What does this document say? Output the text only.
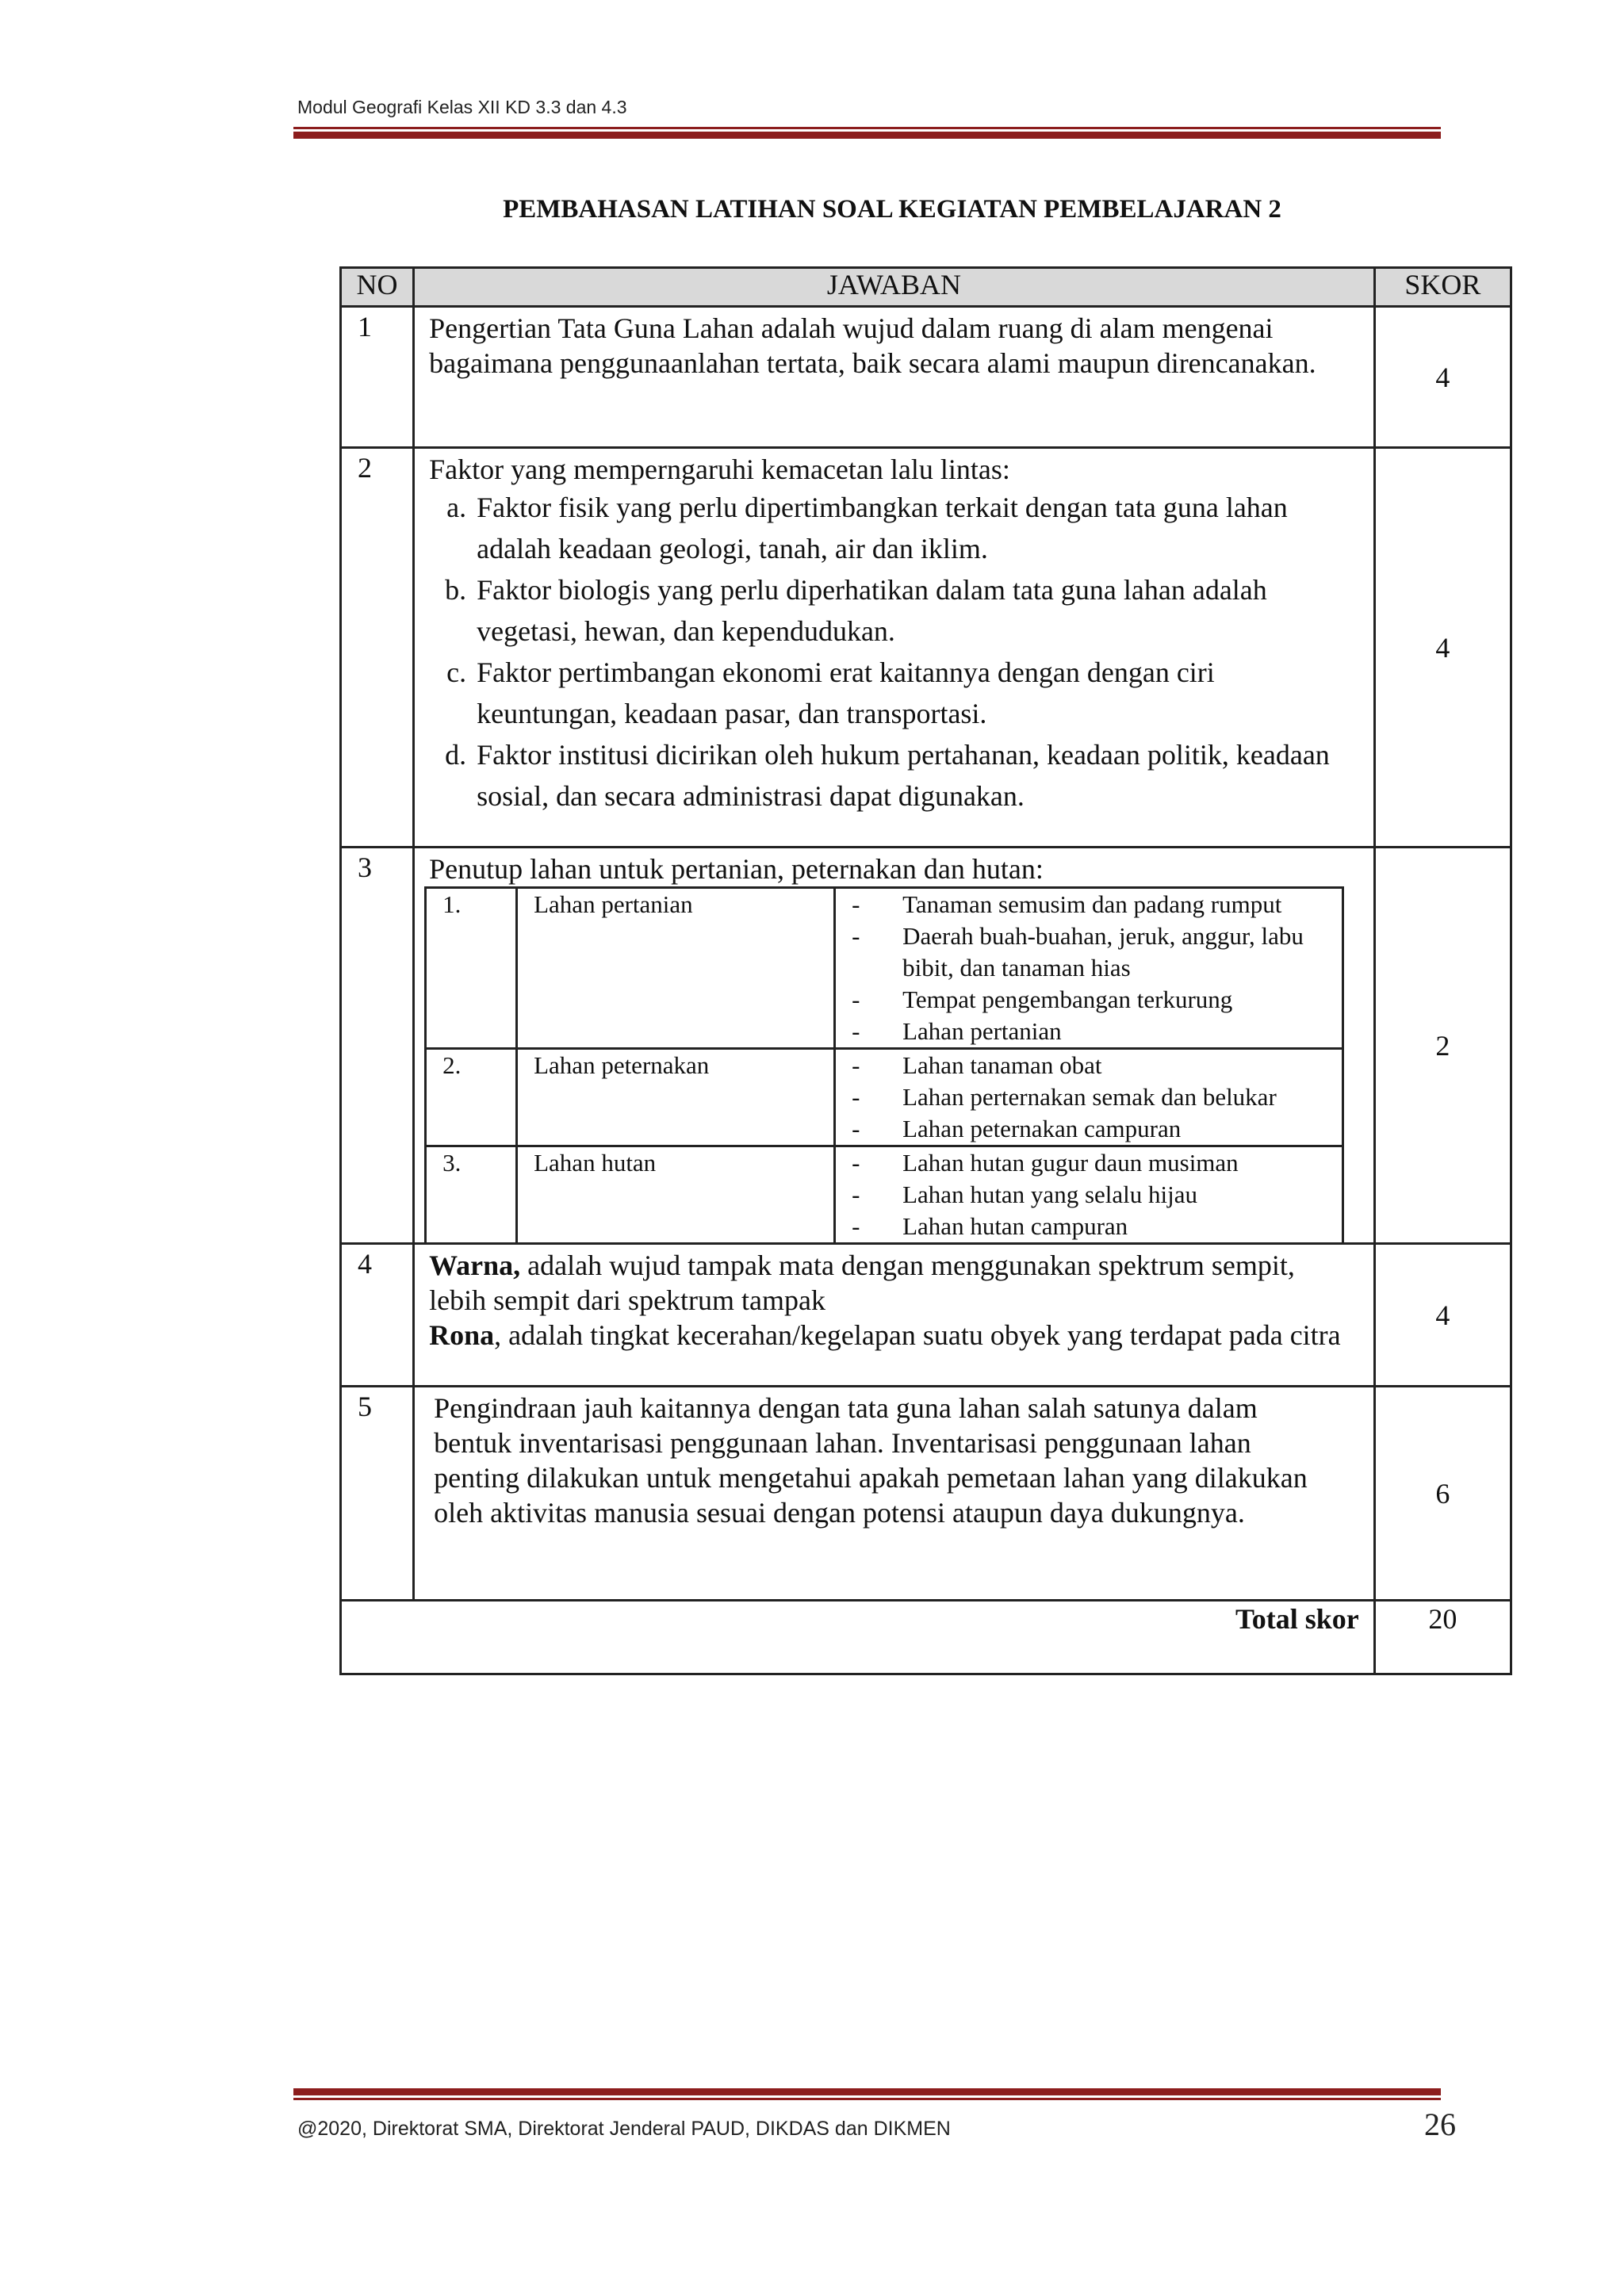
Modul Geografi Kelas XII KD 3.3 dan 4.3
PEMBAHASAN LATIHAN SOAL KEGIATAN PEMBELAJARAN 2
NO	JAWABAN	SKOR
1	Pengertian Tata Guna Lahan adalah wujud dalam ruang di alam mengenai bagaimana penggunaanlahan tertata, baik secara alami maupun direncanakan.	4
2	Faktor yang memperngaruhi kemacetan lalu lintas:
a. Faktor fisik yang perlu dipertimbangkan terkait dengan tata guna lahan adalah keadaan geologi, tanah, air dan iklim.
b. Faktor biologis yang perlu diperhatikan dalam tata guna lahan adalah vegetasi, hewan, dan kependudukan.
c. Faktor pertimbangan ekonomi erat kaitannya dengan dengan ciri keuntungan, keadaan pasar, dan transportasi.
d. Faktor institusi dicirikan oleh hukum pertahanan, keadaan politik, keadaan sosial, dan secara administrasi dapat digunakan.
	4
3	Penutup lahan untuk pertanian, peternakan dan hutan:
1.	Lahan pertanian	
-Tanaman semusim dan padang rumput
- Daerah buah-buahan, jeruk, anggur, labu bibit, dan tanaman hias
- Tempat pengembangan terkurung
- Lahan pertanian

2.	Lahan peternakan	
-Lahan tanaman obat
- Lahan perternakan semak dan belukar
- Lahan peternakan campuran

3.	Lahan hutan	
-Lahan hutan gugur daun musiman
- Lahan hutan yang selalu hijau
- Lahan hutan campuran
	2
4	Warna, adalah wujud tampak mata dengan menggunakan spektrum sempit, lebih sempit dari spektrum tampak
Rona, adalah tingkat kecerahan/kegelapan suatu obyek yang terdapat pada citra
	4
5	Pengindraan jauh kaitannya dengan tata guna lahan salah satunya dalam bentuk inventarisasi penggunaan lahan. Inventarisasi penggunaan lahan penting dilakukan untuk mengetahui apakah pemetaan lahan yang dilakukan oleh aktivitas manusia sesuai dengan potensi ataupun daya dukungnya.	6
Total skor	20
@2020, Direktorat SMA, Direktorat Jenderal PAUD, DIKDAS dan DIKMEN	26
